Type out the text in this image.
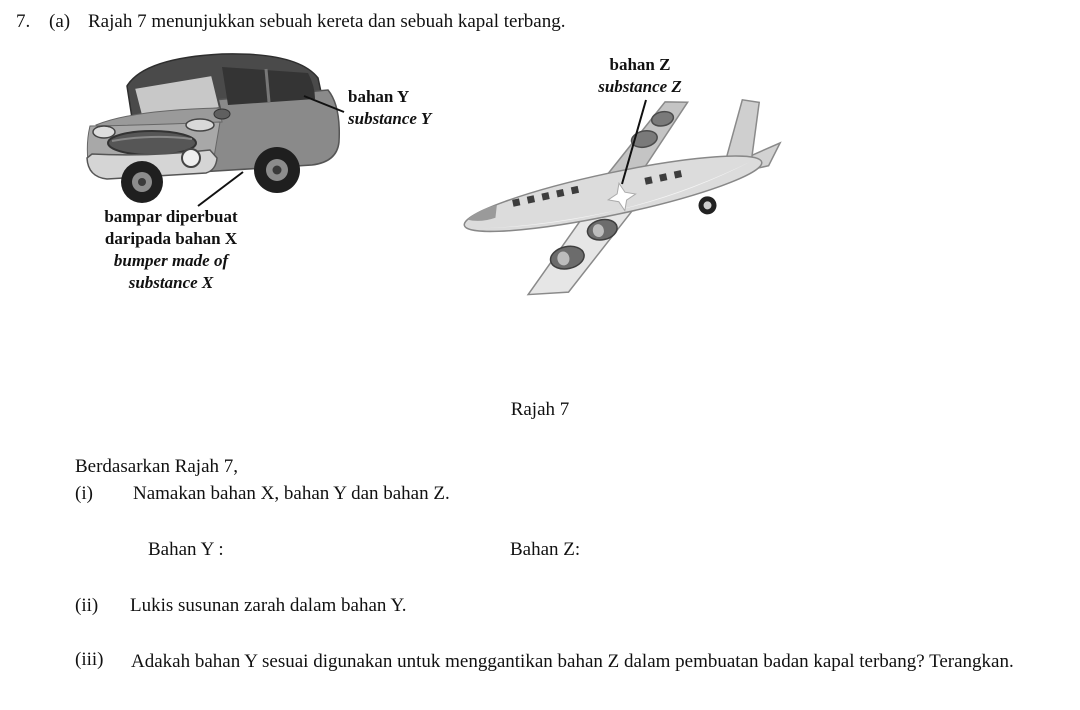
7. (a) Rajah 7 menunjukkan sebuah kereta dan sebuah kapal terbang.
bahan Y
substance Y
bahan Z
substance Z
bampar diperbuat
daripada bahan X
bumper made of
substance X
Rajah 7
Berdasarkan Rajah 7,
(i) Namakan bahan X, bahan Y dan bahan Z.
Bahan Y :	Bahan Z:
(ii) Lukis susunan zarah dalam bahan Y.
(iii) Adakah bahan Y sesuai digunakan untuk menggantikan bahan Z dalam pembuatan badan kapal terbang? Terangkan.
